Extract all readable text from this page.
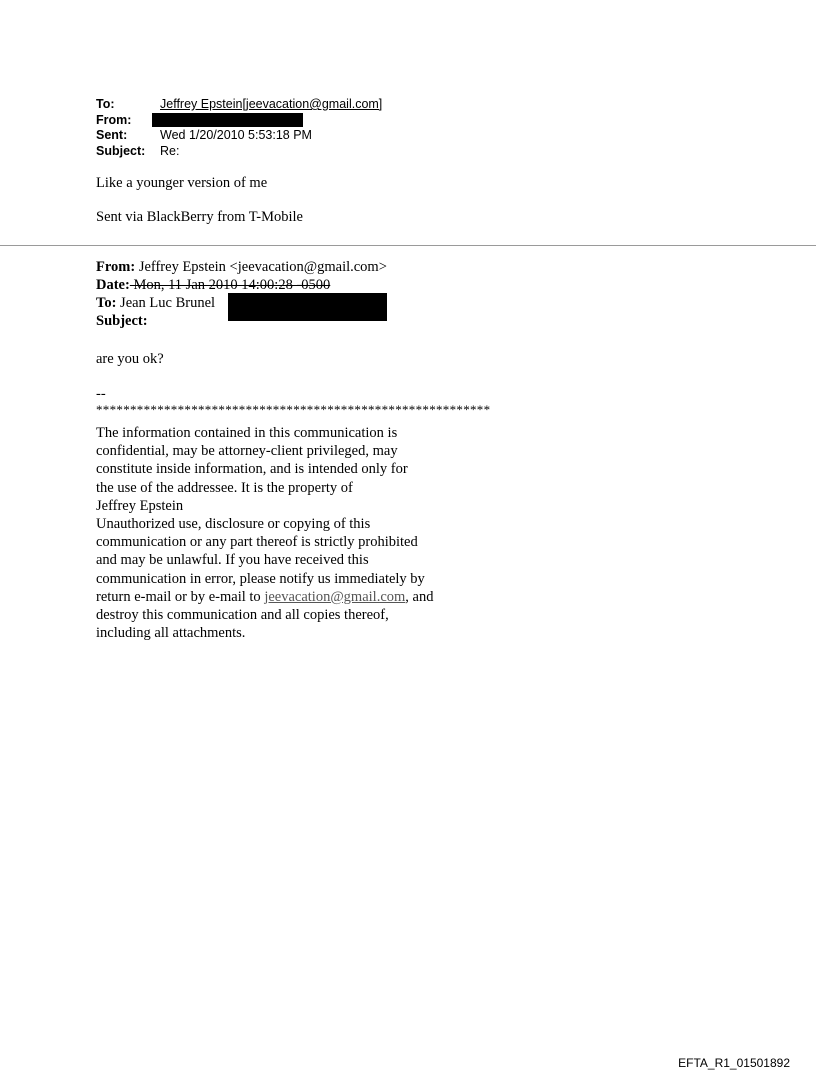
To:	Jeffrey Epstein[jeevacation@gmail.com]
From:
Sent:	Wed 1/20/2010 5:53:18 PM
Subject:	Re:
Like a younger version of me
Sent via BlackBerry from T-Mobile
From: Jeffrey Epstein <jeevacation@gmail.com>
Date: Mon, 11 Jan 2010 14:00:28 -0500
To: Jean Luc Brunel
Subject:
are you ok?
--
**********************************************************
The information contained in this communication is
confidential, may be attorney-client privileged, may
constitute inside information, and is intended only for
the use of the addressee. It is the property of
Jeffrey Epstein
Unauthorized use, disclosure or copying of this
communication or any part thereof is strictly prohibited
and may be unlawful. If you have received this
communication in error, please notify us immediately by
return e-mail or by e-mail to jeevacation@gmail.com, and
destroy this communication and all copies thereof,
including all attachments.
EFTA_R1_01501892
